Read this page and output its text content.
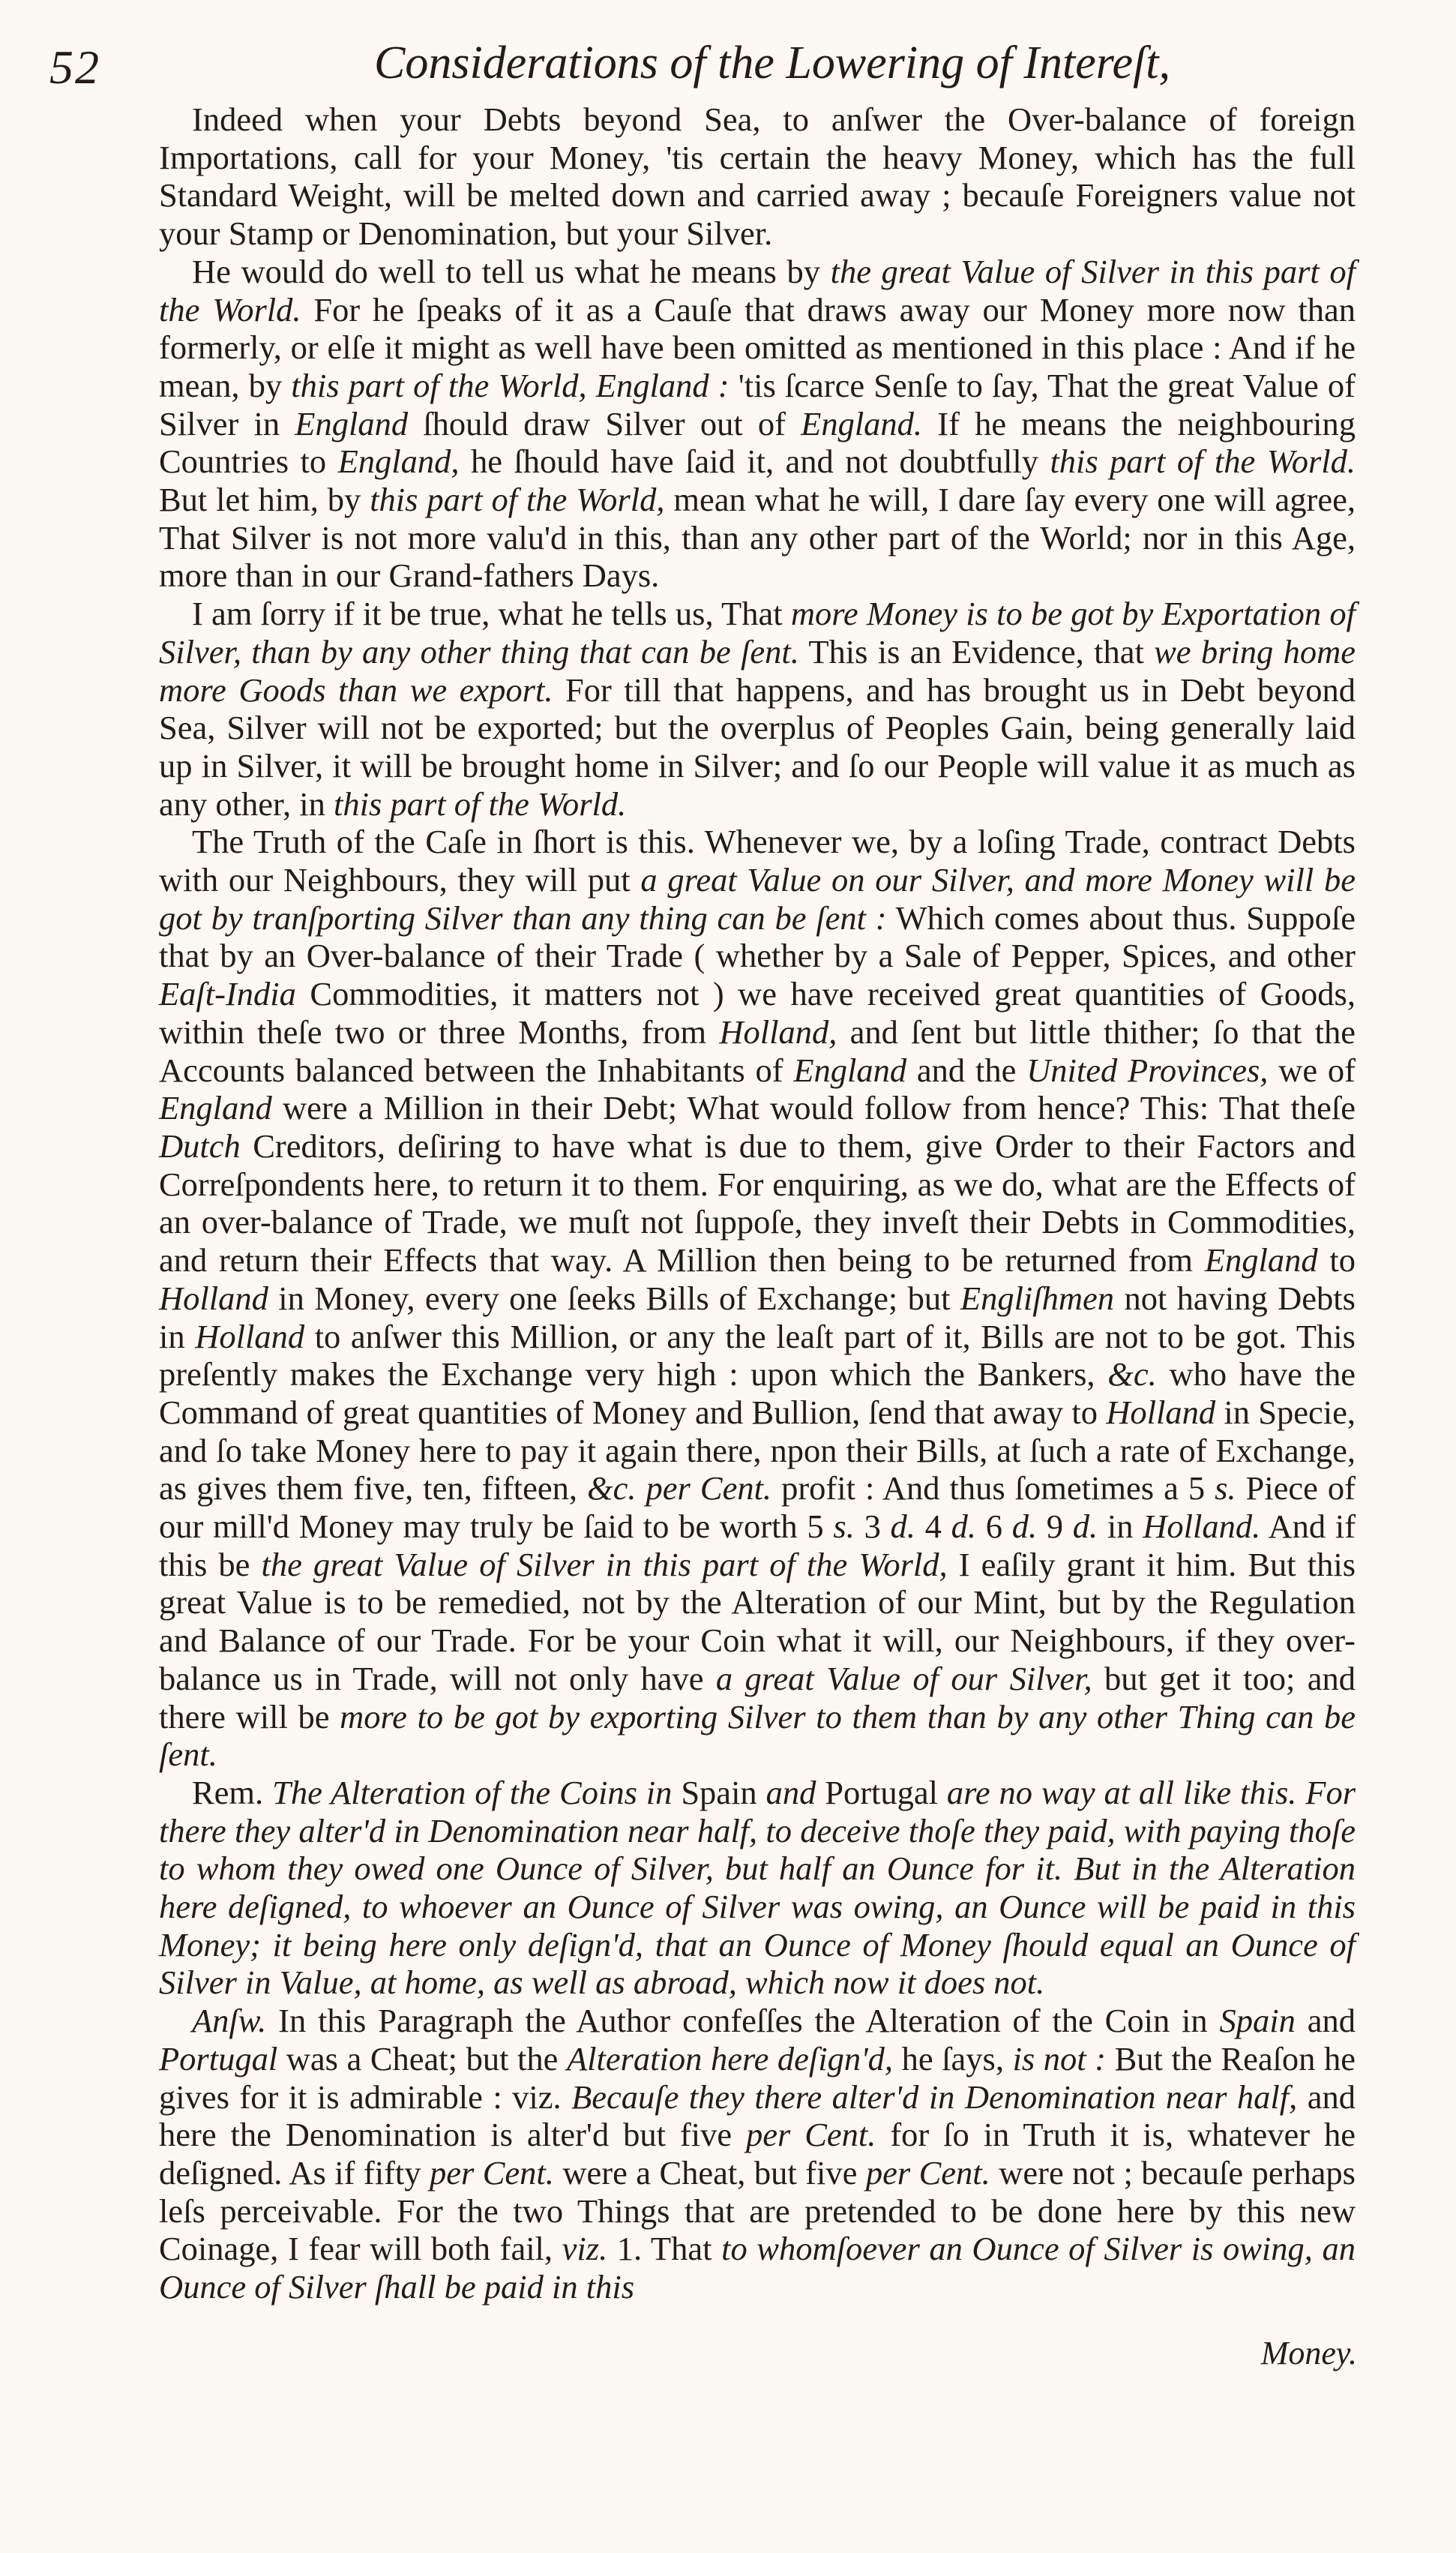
52	Considerations of the Lowering of Intereſt,

Indeed when your Debts beyond Sea, to anſwer the Over-balance of foreign Importations, call for your Money, 'tis certain the heavy Money, which has the full Standard Weight, will be melted down and carried away ; becauſe Foreigners value not your Stamp or Denomination, but your Silver.

He would do well to tell us what he means by the great Value of Silver in this part of the World. For he ſpeaks of it as a Cauſe that draws away our Money more now than formerly, or elſe it might as well have been omitted as mentioned in this place : And if he mean, by this part of the World, England : 'tis ſcarce Senſe to ſay, That the great Value of Silver in England ſhould draw Silver out of England. If he means the neighbouring Countries to England, he ſhould have ſaid it, and not doubtfully this part of the World. But let him, by this part of the World, mean what he will, I dare ſay every one will agree, That Silver is not more valu'd in this, than any other part of the World; nor in this Age, more than in our Grand-fathers Days.

I am ſorry if it be true, what he tells us, That more Money is to be got by Exportation of Silver, than by any other thing that can be ſent. This is an Evidence, that we bring home more Goods than we export. For till that happens, and has brought us in Debt beyond Sea, Silver will not be exported; but the overplus of Peoples Gain, being generally laid up in Silver, it will be brought home in Silver; and ſo our People will value it as much as any other, in this part of the World.

The Truth of the Caſe in ſhort is this. Whenever we, by a loſing Trade, contract Debts with our Neighbours, they will put a great Value on our Silver, and more Money will be got by tranſporting Silver than any thing can be ſent : Which comes about thus. Suppoſe that by an Over-balance of their Trade ( whether by a Sale of Pepper, Spices, and other Eaſt-India Commodities, it matters not ) we have received great quantities of Goods, within theſe two or three Months, from Holland, and ſent but little thither; ſo that the Accounts balanced between the Inhabitants of England and the United Provinces, we of England were a Million in their Debt; What would follow from hence? This: That theſe Dutch Creditors, deſiring to have what is due to them, give Order to their Factors and Correſpondents here, to return it to them. For enquiring, as we do, what are the Effects of an over-balance of Trade, we muſt not ſuppoſe, they inveſt their Debts in Commodities, and return their Effects that way. A Million then being to be returned from England to Holland in Money, every one ſeeks Bills of Exchange; but Engliſhmen not having Debts in Holland to anſwer this Million, or any the leaſt part of it, Bills are not to be got. This preſently makes the Exchange very high : upon which the Bankers, &c. who have the Command of great quantities of Money and Bullion, ſend that away to Holland in Specie, and ſo take Money here to pay it again there, npon their Bills, at ſuch a rate of Exchange, as gives them five, ten, fifteen, &c. per Cent. profit : And thus ſometimes a 5 s. Piece of our mill'd Money may truly be ſaid to be worth 5 s. 3 d. 4 d. 6 d. 9 d. in Holland. And if this be the great Value of Silver in this part of the World, I eaſily grant it him. But this great Value is to be remedied, not by the Alteration of our Mint, but by the Regulation and Balance of our Trade. For be your Coin what it will, our Neighbours, if they over-balance us in Trade, will not only have a great Value of our Silver, but get it too; and there will be more to be got by exporting Silver to them than by any other Thing can be ſent.

Rem. The Alteration of the Coins in Spain and Portugal are no way at all like this. For there they alter'd in Denomination near half, to deceive thoſe they paid, with paying thoſe to whom they owed one Ounce of Silver, but half an Ounce for it. But in the Alteration here deſigned, to whoever an Ounce of Silver was owing, an Ounce will be paid in this Money; it being here only deſign'd, that an Ounce of Money ſhould equal an Ounce of Silver in Value, at home, as well as abroad, which now it does not.

Anſw. In this Paragraph the Author confeſſes the Alteration of the Coin in Spain and Portugal was a Cheat; but the Alteration here deſign'd, he ſays, is not : But the Reaſon he gives for it is admirable : viz. Becauſe they there alter'd in Denomination near half, and here the Denomination is alter'd but five per Cent. for ſo in Truth it is, whatever he deſigned. As if fifty per Cent. were a Cheat, but five per Cent. were not ; becauſe perhaps leſs perceivable. For the two Things that are pretended to be done here by this new Coinage, I fear will both fail, viz. 1. That to whomſoever an Ounce of Silver is owing, an Ounce of Silver ſhall be paid in this

Money.
